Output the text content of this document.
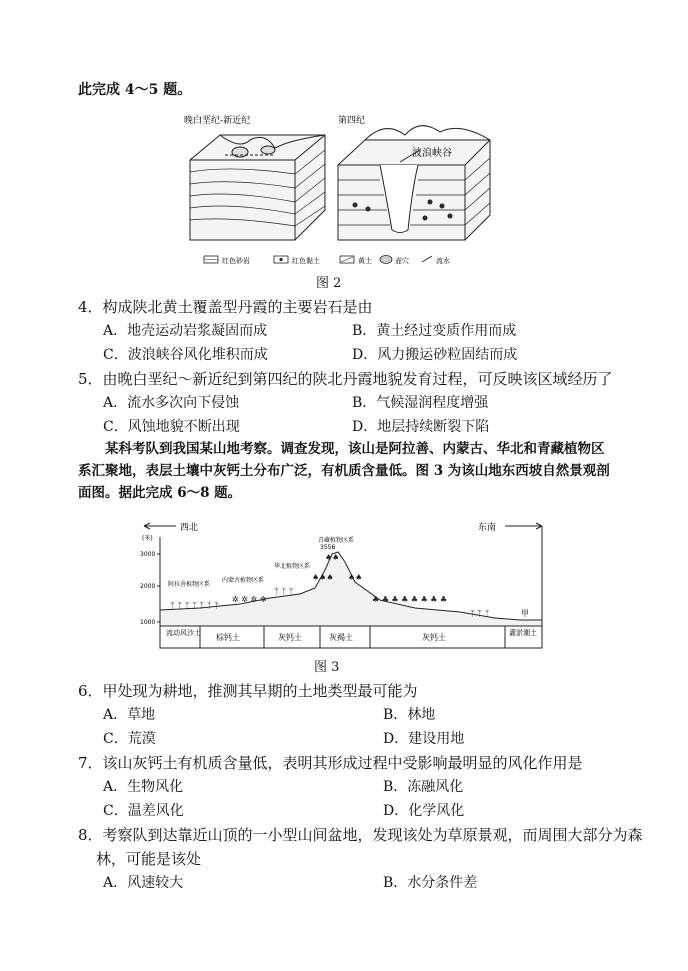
此完成 4～5 题。
晚白垩纪-新近纪	第四纪
波浪峡谷
红色砂岩	红色黏土	黄土	壶穴	流水
图 2
4．构成陕北黄土覆盖型丹霞的主要岩石是由
A．地壳运动岩浆凝固而成	B．黄土经过变质作用而成
C．波浪峡谷风化堆积而成	D．风力搬运砂粒固结而成
5．由晚白垩纪～新近纪到第四纪的陕北丹霞地貌发育过程，可反映该区域经历了
A．流水多次向下侵蚀	B．气候湿润程度增强
C．风蚀地貌不断出现	D．地层持续断裂下陷
某科考队到我国某山地考察。调查发现，该山是阿拉善、内蒙古、华北和青藏植物区系汇聚地，表层土壤中灰钙土分布广泛，有机质含量低。图 3 为该山地东西坡自然景观剖面图。据此完成 6～8 题。
西北	东南
(米)
3000
2000
1000
ᛉ ᛉ ᛉ ᛉ ᛉ ᛉ ᛉ
✲ ✲ ✲ ✲
ᛉ ᛉ ᛉ
♠♠♠
♠♠
♠♠
♣ ♣ ♣ ♣ ♣ ♣ ♣ ♣
ᛉ ᛉ ᛉ
3556
阿拉善植物区系
内蒙古植物区系
华北植物区系
青藏植物区系
甲
流动风沙土 棕钙土	灰钙土	灰褐土	灰钙土	灌淤潮土
图 3
6．甲处现为耕地，推测其早期的土地类型最可能为
A．草地	B．林地
C．荒漠	D．建设用地
7．该山灰钙土有机质含量低，表明其形成过程中受影响最明显的风化作用是
A．生物风化	B．冻融风化
C．温差风化	D．化学风化
8．考察队到达靠近山顶的一小型山间盆地，发现该处为草原景观，而周围大部分为森
林，可能是该处
A．风速较大	B．水分条件差
